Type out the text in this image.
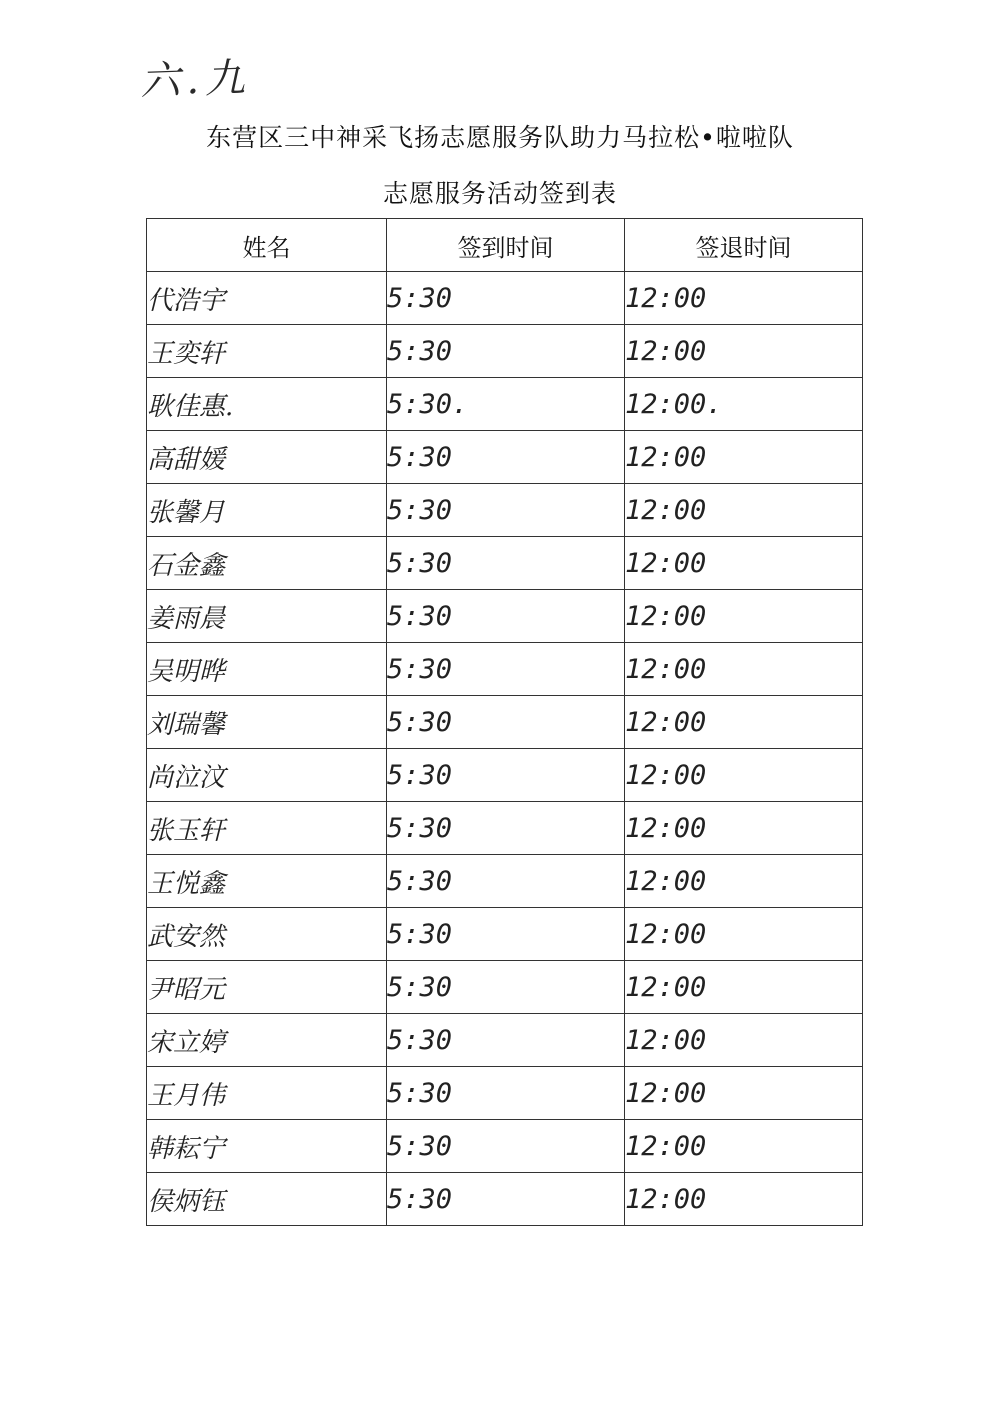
六.九
东营区三中神采飞扬志愿服务队助力马拉松•啦啦队
志愿服务活动签到表
姓名	签到时间	签退时间
代浩宇	5:30	12:00
王奕轩	5:30	12:00
耿佳惠.	5:30.	12:00.
高甜媛	5:30	12:00
张馨月	5:30	12:00
石金鑫	5:30	12:00
姜雨晨	5:30	12:00
吴明晔	5:30	12:00
刘瑞馨	5:30	12:00
尚泣汶	5:30	12:00
张玉轩	5:30	12:00
王悦鑫	5:30	12:00
武安然	5:30	12:00
尹昭元	5:30	12:00
宋立婷	5:30	12:00
王月伟	5:30	12:00
韩耘宁	5:30	12:00
侯炳钰	5:30	12:00
